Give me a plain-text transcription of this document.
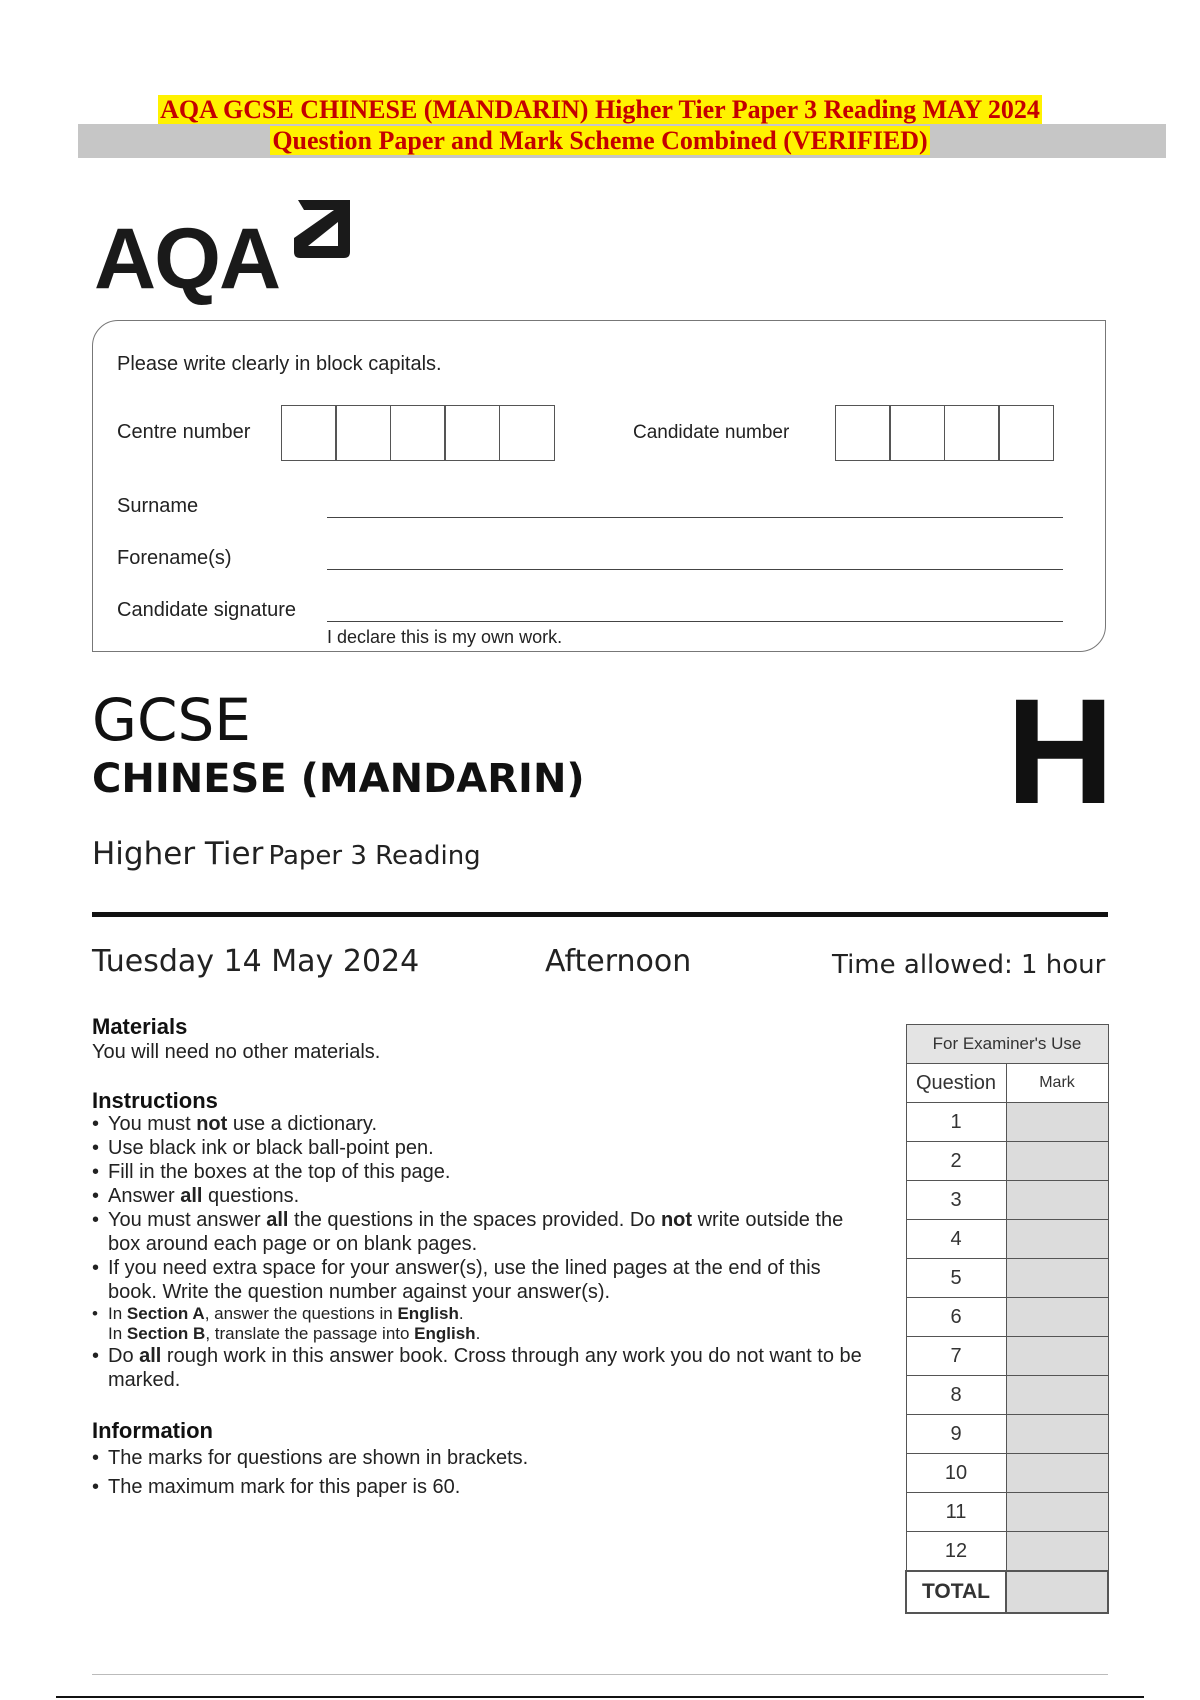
AQA GCSE CHINESE (MANDARIN) Higher Tier Paper 3 Reading MAY 2024
Question Paper and Mark Scheme Combined (VERIFIED)
AQA
Please write clearly in block capitals.
Centre number	Candidate number
Surname
Forename(s)
Candidate signature
I declare this is my own work.
GCSE
CHINESE (MANDARIN)
Higher Tier Paper 3 Reading
H
Tuesday 14 May 2024	Afternoon	Time allowed: 1 hour
Materials
You will need no other materials.
Instructions
• You must not use a dictionary.
• Use black ink or black ball-point pen.
• Fill in the boxes at the top of this page.
• Answer all questions.
• You must answer all the questions in the spaces provided. Do not write outside the box around each page or on blank pages.
• If you need extra space for your answer(s), use the lined pages at the end of this book. Write the question number against your answer(s).
• In Section A, answer the questions in English.
In Section B, translate the passage into English.
• Do all rough work in this answer book. Cross through any work you do not want to be marked.
Information
• The marks for questions are shown in brackets.
• The maximum mark for this paper is 60.
For Examiner's Use	
Question	Mark
1	
2	
3	
4	
5	
6	
7	
8	
9	
10	
11	
12	
TOTAL	
